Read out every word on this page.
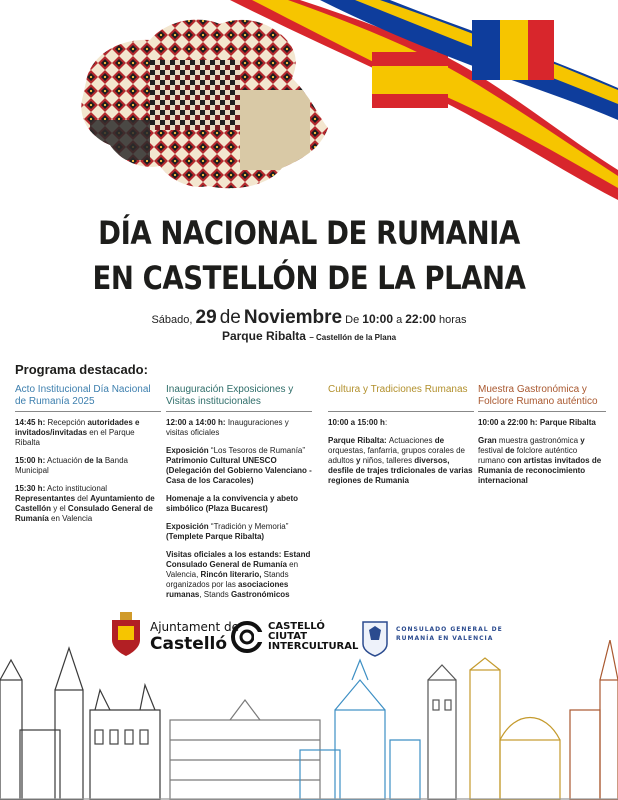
DÍA NACIONAL DE RUMANIA
EN CASTELLÓN DE LA PLANA
Sábado, 29 de Noviembre De 10:00 a 22:00 horas
Parque Ribalta – Castellón de la Plana
Programa destacado:
Acto Institucional Día Nacional de Rumanía 2025

14:45 h: Recepción autoridades e invitados/invitadas en el Parque Ribalta

15:00 h: Actuación de la Banda Municipal

15:30 h: Acto institucional Representantes del Ayuntamiento de Castellón y el Consulado General de Rumanía en Valencia

Inauguración Exposiciones y Visitas institucionales

12:00 a 14:00 h: Inauguraciones y visitas oficiales

Exposición “Los Tesoros de Rumanía” Patrimonio Cultural UNESCO (Delegación del Gobierno Valenciano - Casa de los Caracoles)

Homenaje a la convivencia y abeto simbólico (Plaza Bucarest)

Exposición “Tradición y Memoria” (Templete Parque Ribalta)

Visitas oficiales a los estands: Estand Consulado General de Rumanía en Valencia, Rincón literario, Stands organizados por las asociaciones rumanas, Stands Gastronómicos

Cultura y Tradiciones Rumanas

10:00 a 15:00 h:

Parque Ribalta: Actuaciones de orquestas, fanfarria, grupos corales de adultos y niños, talleres diversos, desfile de trajes trdicionales de varias regiones de Rumania

Muestra Gastronómica y Folclore Rumano auténtico

10:00 a 22:00 h: Parque Ribalta

Gran muestra gastronómica y festival de folclore auténtico rumano con artistas invitados de Rumania de reconocimiento internacional

Ajuntament de
Castelló
CASTELLÓ
CIUTAT
INTERCULTURAL
CONSULADO GENERAL DE
RUMANÍA EN VALENCIA
